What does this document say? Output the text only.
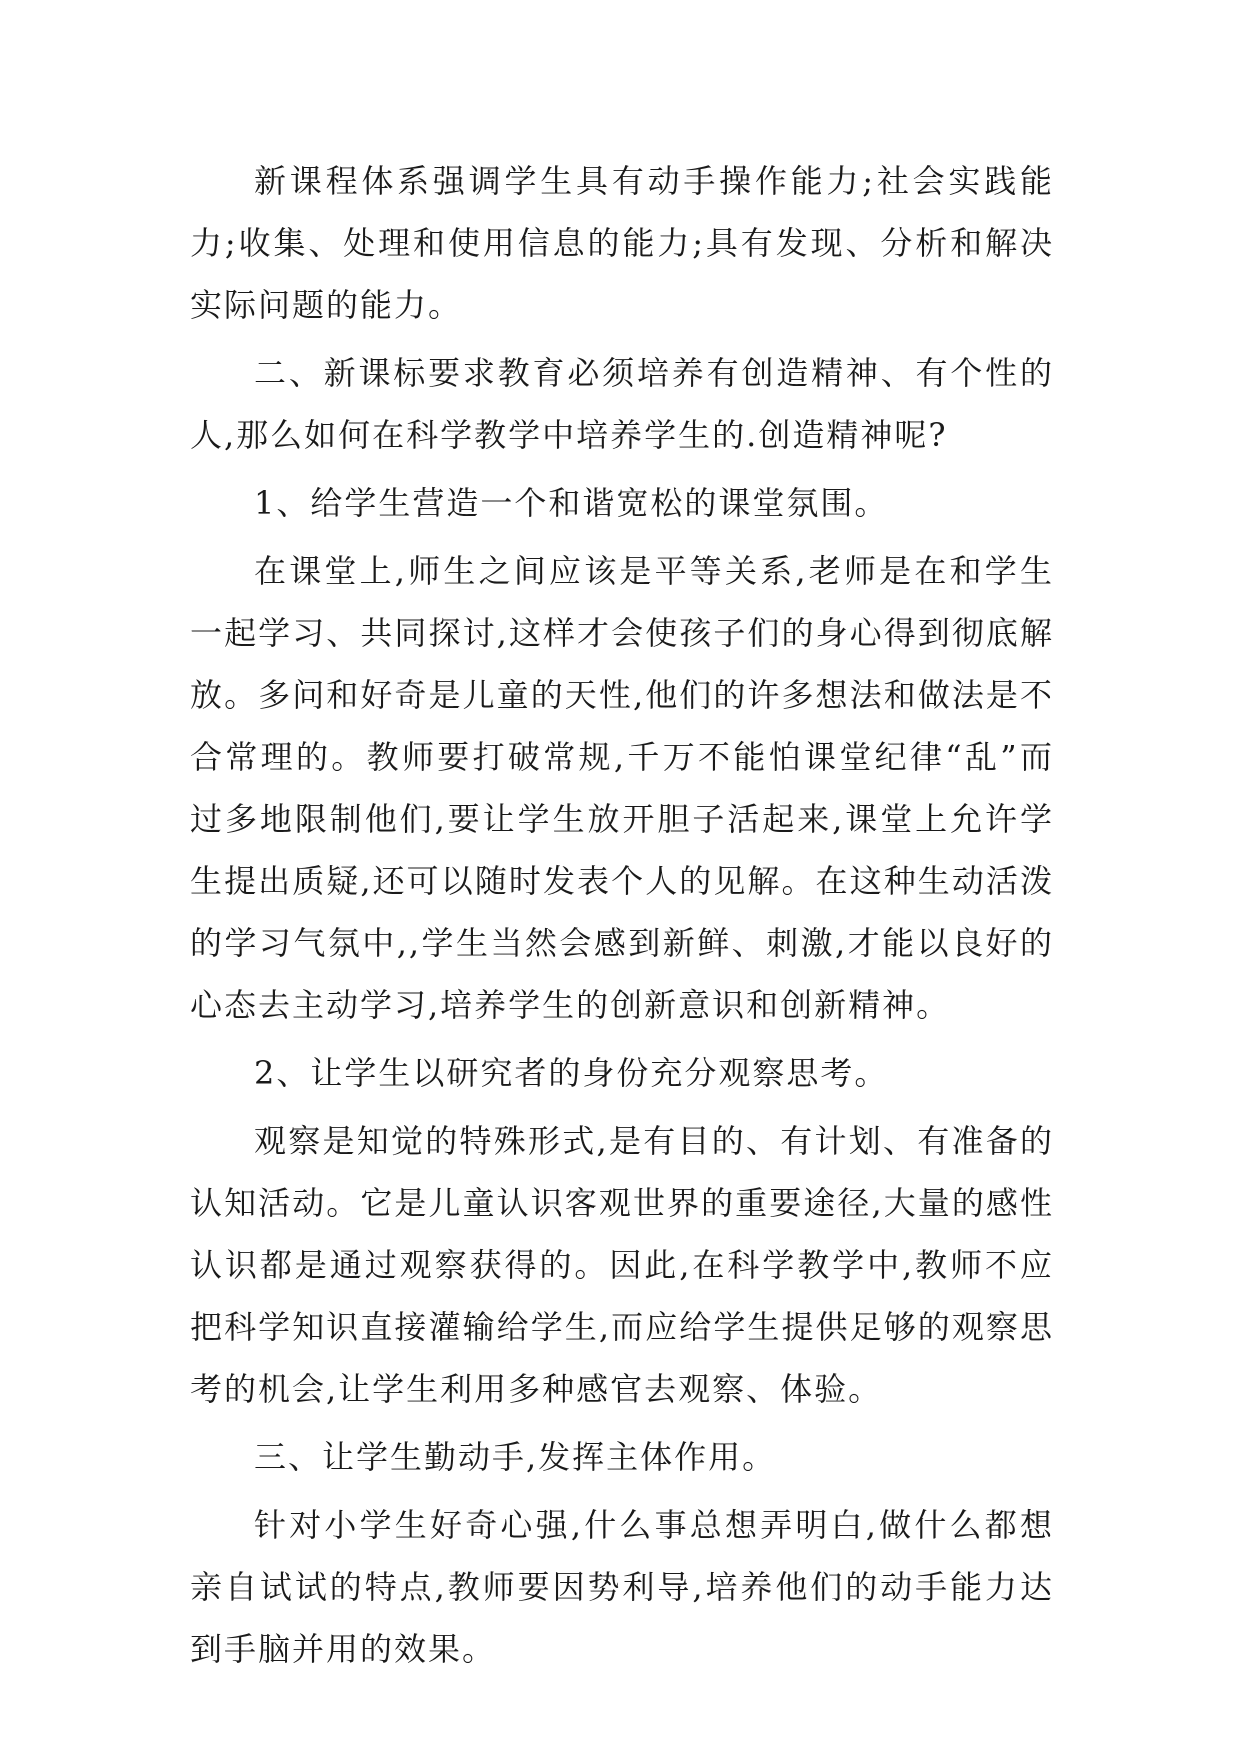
新课程体系强调学生具有动手操作能力;社会实践能力;收集、处理和使用信息的能力;具有发现、分析和解决实际问题的能力。

二、新课标要求教育必须培养有创造精神、有个性的人,那么如何在科学教学中培养学生的.创造精神呢?

1、给学生营造一个和谐宽松的课堂氛围。

在课堂上,师生之间应该是平等关系,老师是在和学生一起学习、共同探讨,这样才会使孩子们的身心得到彻底解放。多问和好奇是儿童的天性,他们的许多想法和做法是不合常理的。教师要打破常规,千万不能怕课堂纪律“乱”而过多地限制他们,要让学生放开胆子活起来,课堂上允许学生提出质疑,还可以随时发表个人的见解。在这种生动活泼的学习气氛中,,学生当然会感到新鲜、刺激,才能以良好的心态去主动学习,培养学生的创新意识和创新精神。

2、让学生以研究者的身份充分观察思考。

观察是知觉的特殊形式,是有目的、有计划、有准备的认知活动。它是儿童认识客观世界的重要途径,大量的感性认识都是通过观察获得的。因此,在科学教学中,教师不应把科学知识直接灌输给学生,而应给学生提供足够的观察思考的机会,让学生利用多种感官去观察、体验。

三、让学生勤动手,发挥主体作用。

针对小学生好奇心强,什么事总想弄明白,做什么都想亲自试试的特点,教师要因势利导,培养他们的动手能力达到手脑并用的效果。
